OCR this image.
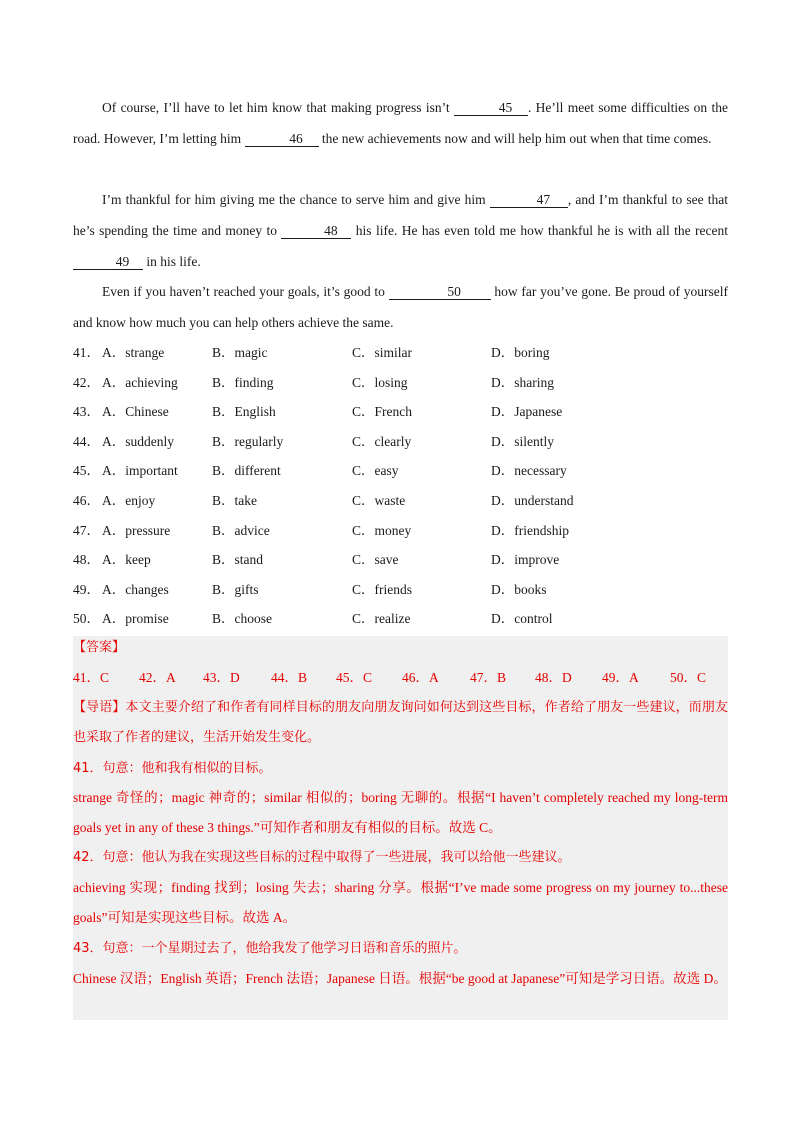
Of course, I’ll have to let him know that making progress isn’t	45 . He’ll meet some difficulties on the road. However, I’m letting him	46 the new achievements now and will help him out when that time comes.
I’m thankful for him giving me the chance to serve him and give him	47 , and I’m thankful to see that he’s spending the time and money to	48 his life. He has even told me how thankful he is with all the recent 49 in his life.
Even if you haven’t reached your goals, it’s good to	50 how far you’ve gone. Be proud of yourself and know how much you can help others achieve the same.
41． A．strange	B．magic	C．similar	D．boring
42． A．achieving	B．finding	C．losing	D．sharing
43． A．Chinese	B．English	C．French	D．Japanese
44． A．suddenly	B．regularly	C．clearly	D．silently
45． A．important	B．different	C．easy	D．necessary
46． A．enjoy	B．take	C．waste	D．understand
47． A．pressure	B．advice	C．money	D．friendship
48． A．keep	B．stand	C．save	D．improve
49． A．changes	B．gifts	C．friends	D．books
50． A．promise	B．choose	C．realize	D．control
【答案】
41．C 42．A 43．D 44．B 45．C 46．A 47．B 48．D 49．A 50．C
【导语】本文主要介绍了和作者有同样目标的朋友向朋友询问如何达到这些目标，作者给了朋友一些建议，而朋友也采取了作者的建议，生活开始发生变化。
41．句意：他和我有相似的目标。
strange 奇怪的；magic 神奇的；similar 相似的；boring 无聊的。根据“I haven’t completely reached my long-term goals yet in any of these 3 things.”可知作者和朋友有相似的目标。故选 C。
42．句意：他认为我在实现这些目标的过程中取得了一些进展，我可以给他一些建议。
achieving 实现；finding 找到；losing 失去；sharing 分享。根据“I’ve made some progress on my journey to...these goals”可知是实现这些目标。故选 A。
43．句意：一个星期过去了，他给我发了他学习日语和音乐的照片。
Chinese 汉语；English 英语；French 法语；Japanese 日语。根据“be good at Japanese”可知是学习日语。故选 D。
